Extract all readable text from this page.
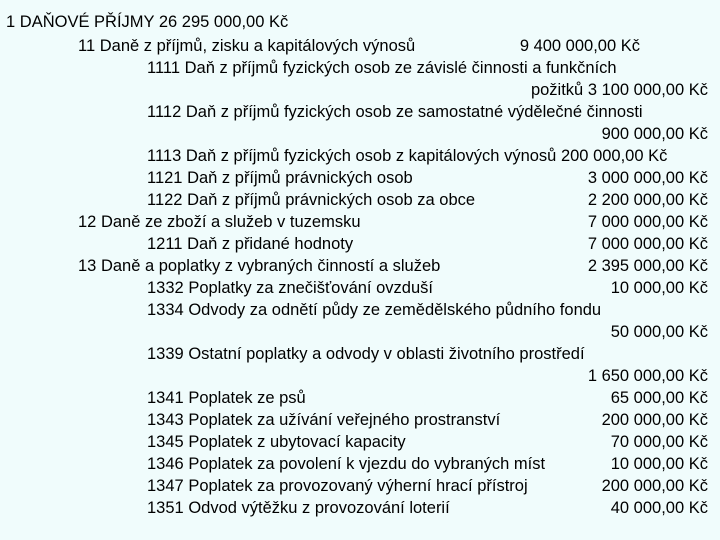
1 DAŇOVÉ PŘÍJMY 26 295 000,00 Kč
11 Daně z příjmů, zisku a kapitálových výnosů	9 400 000,00 Kč
1111 Daň z příjmů fyzických osob ze závislé činnosti a funkčních
požitků 3 100 000,00 Kč
1112 Daň z příjmů fyzických osob ze samostatné výdělečné činnosti
900 000,00 Kč
1113 Daň z příjmů fyzických osob z kapitálových výnosů 200 000,00 Kč
1121 Daň z příjmů právnických osob	3 000 000,00 Kč
1122 Daň z příjmů právnických osob za obce	2 200 000,00 Kč
12 Daně ze zboží a služeb v tuzemsku	7 000 000,00 Kč
1211 Daň z přidané hodnoty	7 000 000,00 Kč
13 Daně a poplatky z vybraných činností a služeb	2 395 000,00 Kč
1332 Poplatky za znečišťování ovzduší	10 000,00 Kč
1334 Odvody za odnětí půdy ze zemědělského půdního fondu
50 000,00 Kč
1339 Ostatní poplatky a odvody v oblasti životního prostředí
1 650 000,00 Kč
1341 Poplatek ze psů	65 000,00 Kč
1343 Poplatek za užívání veřejného prostranství	200 000,00 Kč
1345 Poplatek z ubytovací kapacity	70 000,00 Kč
1346 Poplatek za povolení k vjezdu do vybraných míst	10 000,00 Kč
1347 Poplatek za provozovaný výherní hrací přístroj	200 000,00 Kč
1351 Odvod výtěžku z provozování loterií	40 000,00 Kč
